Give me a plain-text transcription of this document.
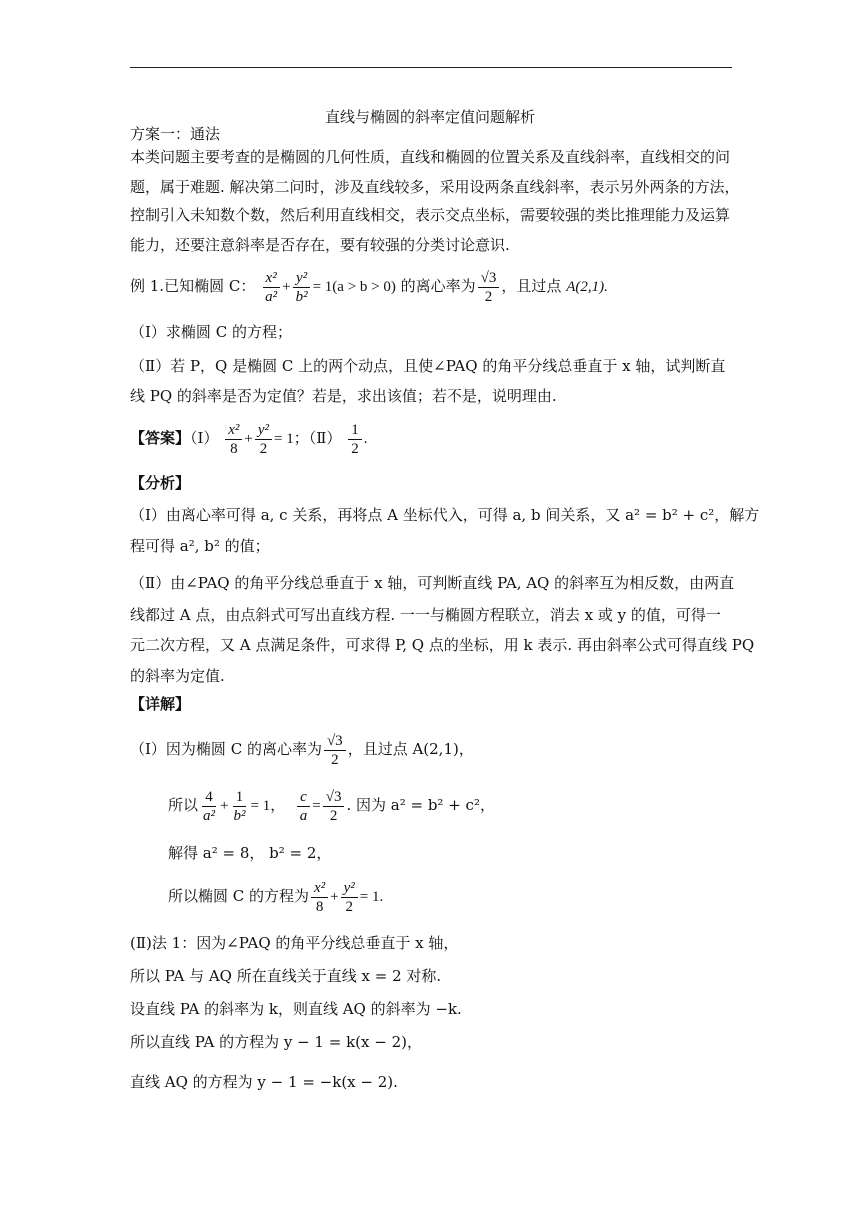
直线与椭圆的斜率定值问题解析
方案一：通法
本类问题主要考查的是椭圆的几何性质，直线和椭圆的位置关系及直线斜率，直线相交的问
题，属于难题. 解决第二问时，涉及直线较多，采用设两条直线斜率，表示另外两条的方法，
控制引入未知数个数，然后利用直线相交，表示交点坐标，需要较强的类比推理能力及运算
能力，还要注意斜率是否存在，要有较强的分类讨论意识.
例 1.已知椭圆 C： $\frac{\text{x²}}{\text{a²}} + \frac{\text{y²}}{\text{b²}} = 1(a > b > 0)$ 的离心率为 $\frac{√3}{2}$ ，且过点 A(2,1).
（Ⅰ）求椭圆 C 的方程；
（Ⅱ）若 P，Q 是椭圆 C 上的两个动点，且使∠PAQ 的角平分线总垂直于 x 轴，试判断直
线 PQ 的斜率是否为定值？若是，求出该值；若不是，说明理由.
【答案】（Ⅰ） $\frac{\text{x²}}{8} + \frac{\text{y²}}{2} = 1$；（Ⅱ） $\frac{1}{2}$ .
【分析】
（Ⅰ）由离心率可得 a, c 关系，再将点 A 坐标代入，可得 a, b 间关系，又 a² = b² + c²，解方
程可得 a², b² 的值；
（Ⅱ）由∠PAQ 的角平分线总垂直于 x 轴，可判断直线 PA, AQ 的斜率互为相反数，由两直
线都过 A 点，由点斜式可写出直线方程. 一一与椭圆方程联立，消去 x 或 y 的值，可得一
元二次方程，又 A 点满足条件，可求得 P, Q 点的坐标，用 k 表示. 再由斜率公式可得直线 PQ
的斜率为定值.
【详解】
（Ⅰ）因为椭圆 C 的离心率为 $\frac{√3}{2}$ ，且过点 A(2,1)，
所以 $\frac{4}{\text{a²}} + \frac{1}{\text{b²}} = 1$， $\frac{c}{a} = \frac{√3}{2}$ . 因为 a² = b² + c²，
解得 a² = 8， b² = 2，
所以椭圆 C 的方程为 $\frac{\text{x²}}{8} + \frac{\text{y²}}{2} = 1$.
(Ⅱ)法 1：因为∠PAQ 的角平分线总垂直于 x 轴，
所以 PA 与 AQ 所在直线关于直线 x = 2 对称.
设直线 PA 的斜率为 k，则直线 AQ 的斜率为 −k.
所以直线 PA 的方程为 y − 1 = k(x − 2)，
直线 AQ 的方程为 y − 1 = −k(x − 2).
